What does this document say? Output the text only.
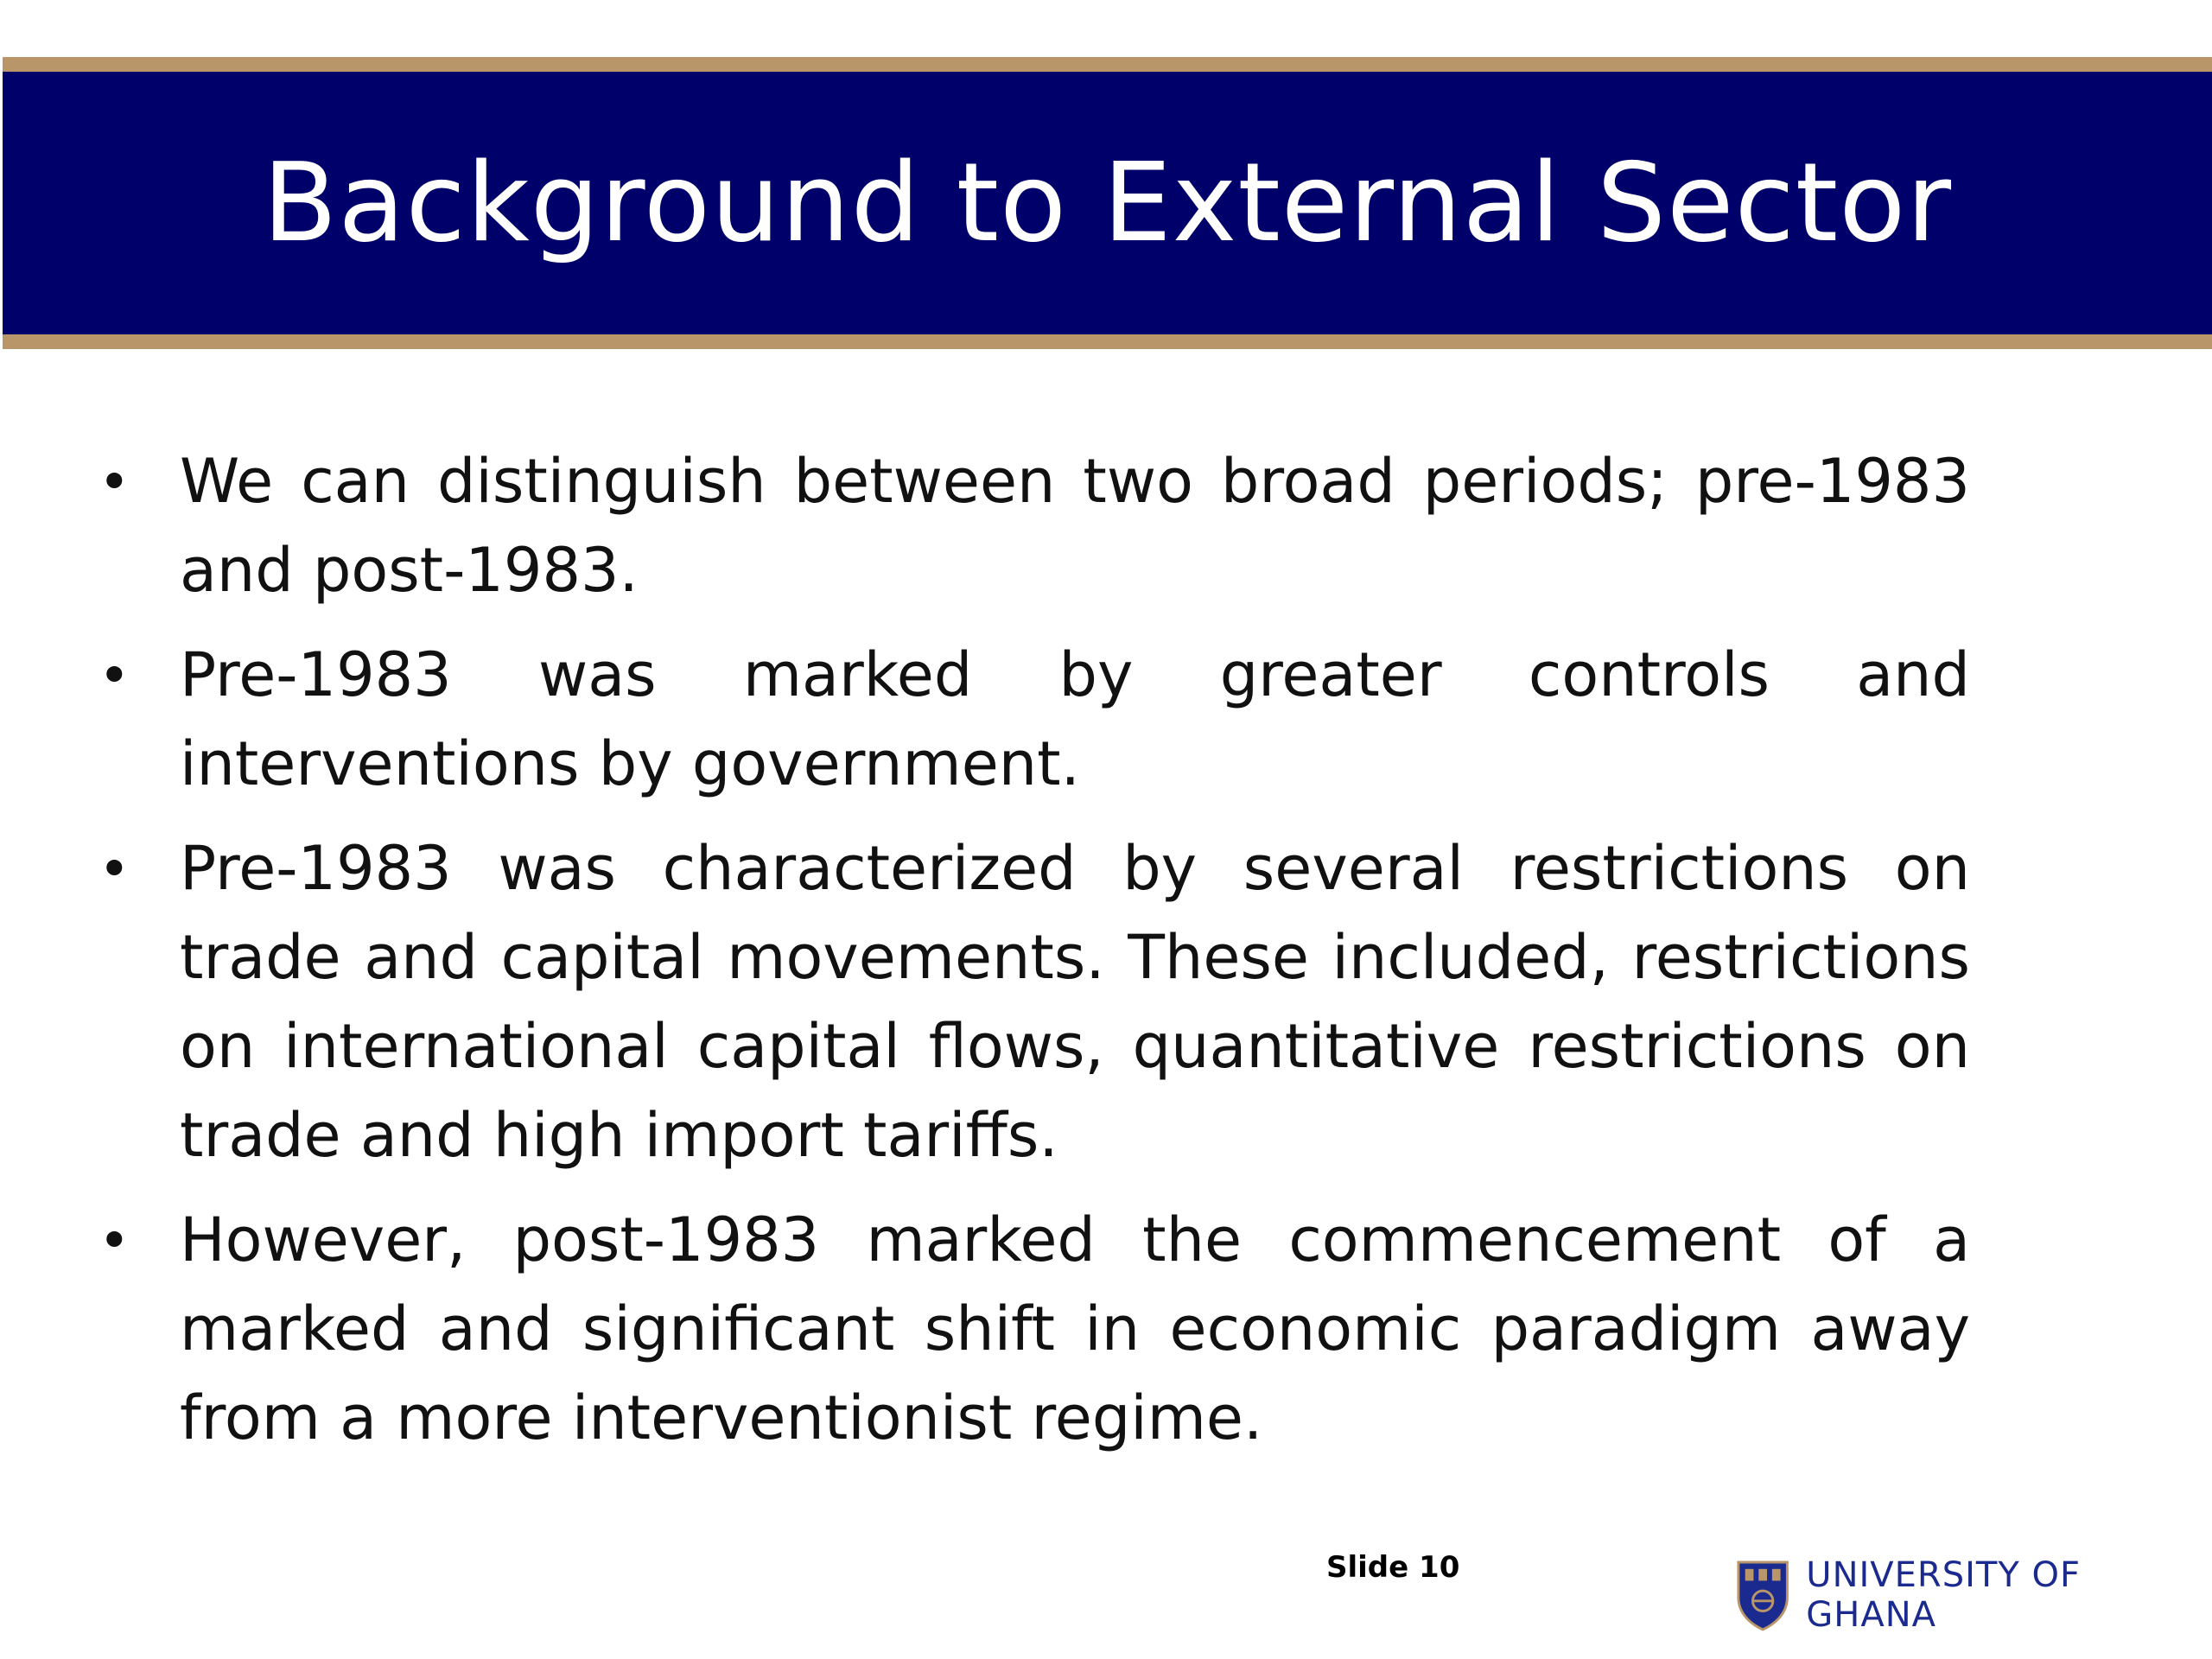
Background to External Sector
• We can distinguish between two broad periods; pre-1983 and post-1983.
• Pre-1983 was marked by greater controls and interventions by government.
• Pre-1983 was characterized by several restrictions on trade and capital movements. These included, restrictions on international capital flows, quantitative restrictions on trade and high import tariffs.
• However, post-1983 marked the commencement of a marked and significant shift in economic paradigm away from a more interventionist regime.
Slide 10	UNIVERSITY OF GHANA
